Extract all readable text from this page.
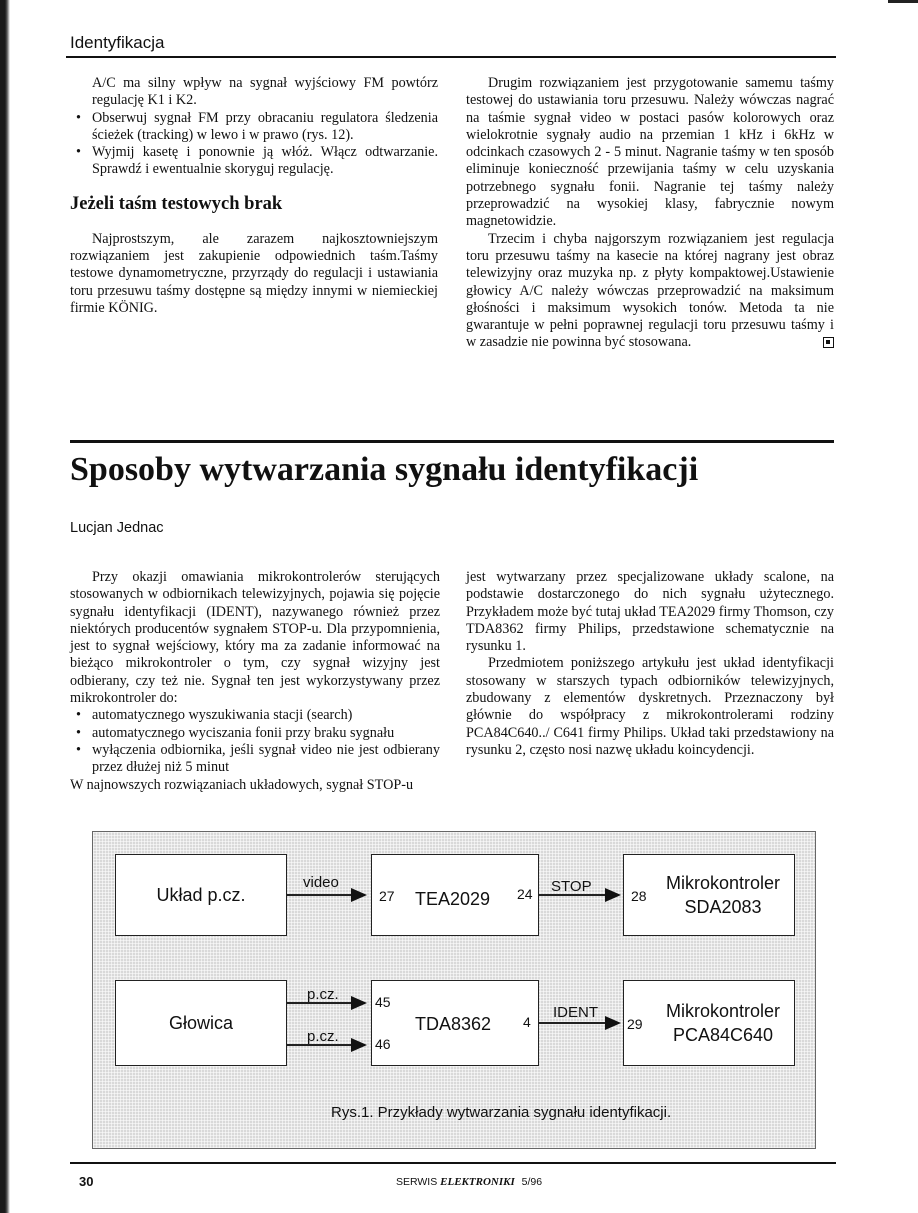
Identyfikacja

A/C ma silny wpływ na sygnał wyjściowy FM powtórz regulację K1 i K2.

• Obserwuj sygnał FM przy obracaniu regulatora śledzenia ścieżek (tracking) w lewo i w prawo (rys. 12).
• Wyjmij kasetę i ponownie ją włóż. Włącz odtwarzanie. Sprawdź i ewentualnie skoryguj regulację.
Jeżeli taśm testowych brak

Najprostszym, ale zarazem najkosztowniejszym rozwiązaniem jest zakupienie odpowiednich taśm.Taśmy testowe dynamometryczne, przyrządy do regulacji i ustawiania toru przesuwu taśmy dostępne są między innymi w niemieckiej firmie KÖNIG.

Drugim rozwiązaniem jest przygotowanie samemu taśmy testowej do ustawiania toru przesuwu. Należy wówczas nagrać na taśmie sygnał video w postaci pasów kolorowych oraz wielokrotnie sygnały audio na przemian 1 kHz i 6kHz w odcinkach czasowych 2 - 5 minut. Nagranie taśmy w ten sposób eliminuje konieczność przewijania taśmy w celu uzyskania potrzebnego sygnału fonii. Nagranie tej taśmy należy przeprowadzić na wysokiej klasy, fabrycznie nowym magnetowidzie.

Trzecim i chyba najgorszym rozwiązaniem jest regulacja toru przesuwu taśmy na kasecie na której nagrany jest obraz telewizyjny oraz muzyka np. z płyty kompaktowej.Ustawienie głowicy A/C należy wówczas przeprowadzić na maksimum głośności i maksimum wysokich tonów. Metoda ta nie gwarantuje w pełni poprawnej regulacji toru przesuwu taśmy i w zasadzie nie powinna być stosowana.

Sposoby wytwarzania sygnału identyfikacji
Lucjan Jednac

Przy okazji omawiania mikrokontrolerów sterujących stosowanych w odbiornikach telewizyjnych, pojawia się pojęcie sygnału identyfikacji (IDENT), nazywanego również przez niektórych producentów sygnałem STOP-u. Dla przypomnienia, jest to sygnał wejściowy, który ma za zadanie informować na bieżąco mikrokontroler o tym, czy sygnał wizyjny jest odbierany, czy też nie. Sygnał ten jest wykorzystywany przez mikrokontroler do:

• automatycznego wyszukiwania stacji (search)
• automatycznego wyciszania fonii przy braku sygnału
• wyłączenia odbiornika, jeśli sygnał video nie jest odbierany przez dłużej niż 5 minut

W najnowszych rozwiązaniach układowych, sygnał STOP-u

jest wytwarzany przez specjalizowane układy scalone, na podstawie dostarczonego do nich sygnału użytecznego. Przykładem może być tutaj układ TEA2029 firmy Thomson, czy TDA8362 firmy Philips, przedstawione schematycznie na rysunku 1.

Przedmiotem poniższego artykułu jest układ identyfikacji stosowany w starszych typach odbiorników telewizyjnych, zbudowany z elementów dyskretnych. Przeznaczony był głównie do współpracy z mikrokontrolerami rodziny PCA84C640../ C641 firmy Philips. Układ taki przedstawiony na rysunku 2, często nosi nazwę układu koincydencji.

Układ p.cz.
video
27 TEA2029 24 STOP	Mikrokontroler
SDA2083
28
Głowica
p.cz.
p.cz.
45
46
TDA8362 4
IDENT	Mikrokontroler
PCA84C640
29
Rys.1. Przykłady wytwarzania sygnału identyfikacji.
30	SERWIS ELEKTRONIKI 5/96
